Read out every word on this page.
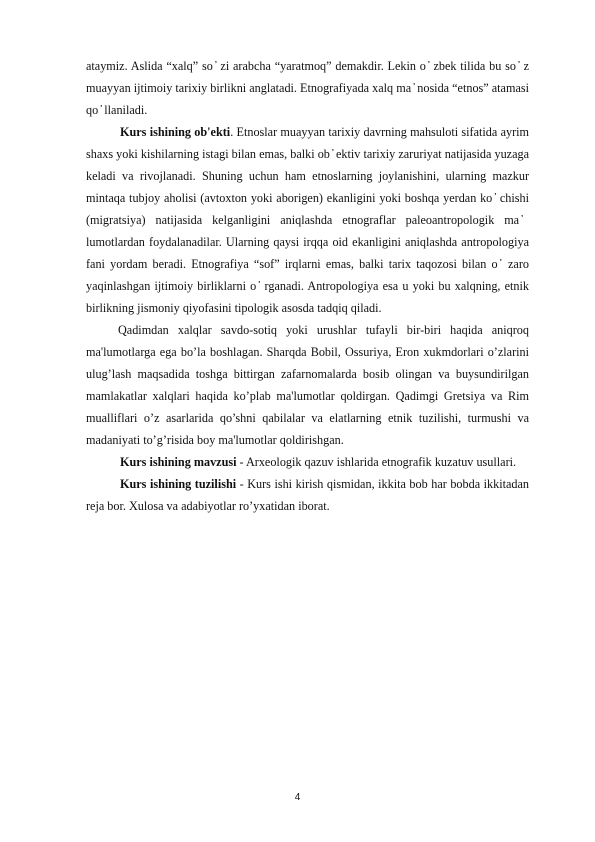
ataymiz. Aslida “xalq” so ̓ zi arabcha “yaratmoq” demakdir. Lekin o ̓ zbek tilida bu so ̓ z muayyan ijtimoiy tarixiy birlikni anglatadi. Etnografiyada xalq ma ̓ nosida “etnos” atamasi qo ̓ llaniladi.

Kurs ishining ob'ekti. Etnoslar muayyan tarixiy davrning mahsuloti sifatida ayrim shaxs yoki kishilarning istagi bilan emas, balki ob ̓ ektiv tarixiy zaruriyat natijasida yuzaga keladi va rivojlanadi. Shuning uchun ham etnoslarning joylanishini, ularning mazkur mintaqa tubjoy aholisi (avtoxton yoki aborigen) ekanligini yoki boshqa yerdan ko ̓ chishi (migratsiya) natijasida kelganligini aniqlashda etnograflar paleoantropologik ma ̓ lumotlardan foydalanadilar. Ularning qaysi irqqa oid ekanligini aniqlashda antropologiya fani yordam beradi. Etnografiya “sof” irqlarni emas, balki tarix taqozosi bilan o ̓ zaro yaqinlashgan ijtimoiy birliklarni o ̓ rganadi. Antropologiya esa u yoki bu xalqning, etnik birlikning jismoniy qiyofasini tipologik asosda tadqiq qiladi.

Qadimdan xalqlar savdo-sotiq yoki urushlar tufayli bir-biri haqida aniqroq ma'lumotlarga ega bo’la boshlagan. Sharqda Bobil, Ossuriya, Eron xukmdorlari o’zlarini ulug’lash maqsadida toshga bittirgan zafarnomalarda bosib olingan va buysundirilgan mamlakatlar xalqlari haqida ko’plab ma'lumotlar qoldirgan. Qadimgi Gretsiya va Rim mualliflari o’z asarlarida qo’shni qabilalar va elatlarning etnik tuzilishi, turmushi va madaniyati to’g’risida boy ma'lumotlar qoldirishgan.

Kurs ishining mavzusi - Arxeologik qazuv ishlarida etnografik kuzatuv usullari.

Kurs ishining tuzilishi - Kurs ishi kirish qismidan, ikkita bob har bobda ikkitadan reja bor. Xulosa va adabiyotlar ro’yxatidan iborat.

4
